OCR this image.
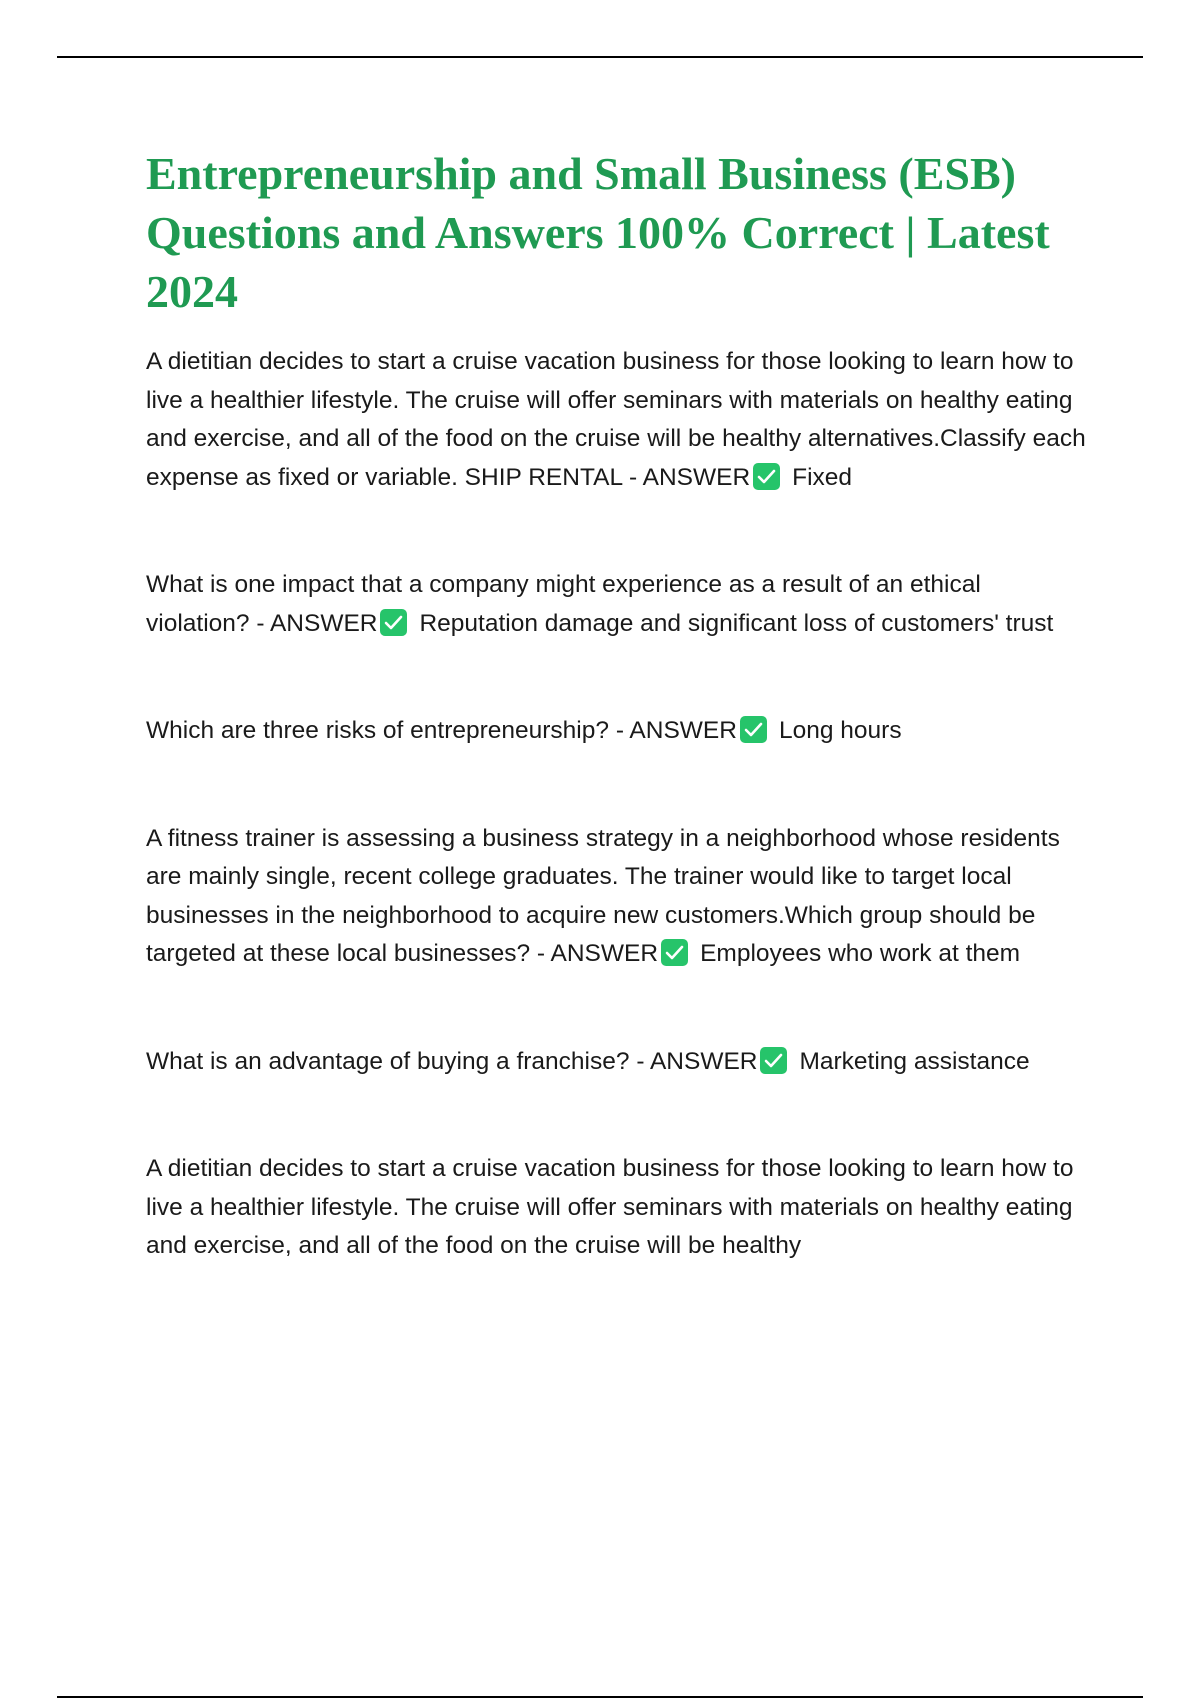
Entrepreneurship and Small Business (ESB) Questions and Answers 100% Correct | Latest 2024

A dietitian decides to start a cruise vacation business for those looking to learn how to live a healthier lifestyle. The cruise will offer seminars with materials on healthy eating and exercise, and all of the food on the cruise will be healthy alternatives.Classify each expense as fixed or variable. SHIP RENTAL - ANSWER Fixed

What is one impact that a company might experience as a result of an ethical violation? - ANSWER Reputation damage and significant loss of customers' trust

Which are three risks of entrepreneurship? - ANSWER Long hours

A fitness trainer is assessing a business strategy in a neighborhood whose residents are mainly single, recent college graduates. The trainer would like to target local businesses in the neighborhood to acquire new customers.Which group should be targeted at these local businesses? - ANSWER Employees who work at them

What is an advantage of buying a franchise? - ANSWER Marketing assistance

A dietitian decides to start a cruise vacation business for those looking to learn how to live a healthier lifestyle. The cruise will offer seminars with materials on healthy eating and exercise, and all of the food on the cruise will be healthy
